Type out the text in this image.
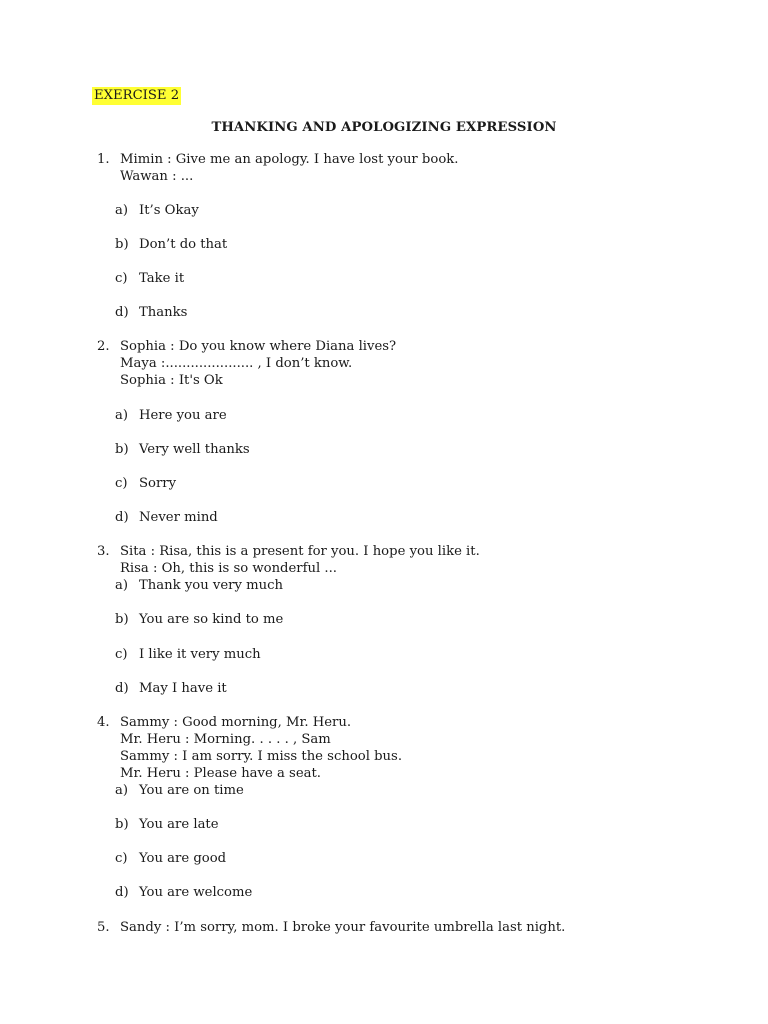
EXERCISE 2
THANKING AND APOLOGIZING EXPRESSION
1. Mimin : Give me an apology. I have lost your book.
Wawan : ...
a) It’s Okay
b) Don’t do that
c) Take it
d) Thanks
2. Sophia : Do you know where Diana lives?
Maya :..................... , I don’t know.
Sophia : It's Ok
a) Here you are
b) Very well thanks
c) Sorry
d) Never mind
3. Sita : Risa, this is a present for you. I hope you like it.
Risa : Oh, this is so wonderful ...
a) Thank you very much
b) You are so kind to me
c) I like it very much
d) May I have it
4. Sammy : Good morning, Mr. Heru.
Mr. Heru : Morning. . . . . , Sam
Sammy : I am sorry. I miss the school bus.
Mr. Heru : Please have a seat.
a) You are on time
b) You are late
c) You are good
d) You are welcome
5. Sandy : I’m sorry, mom. I broke your favourite umbrella last night.
